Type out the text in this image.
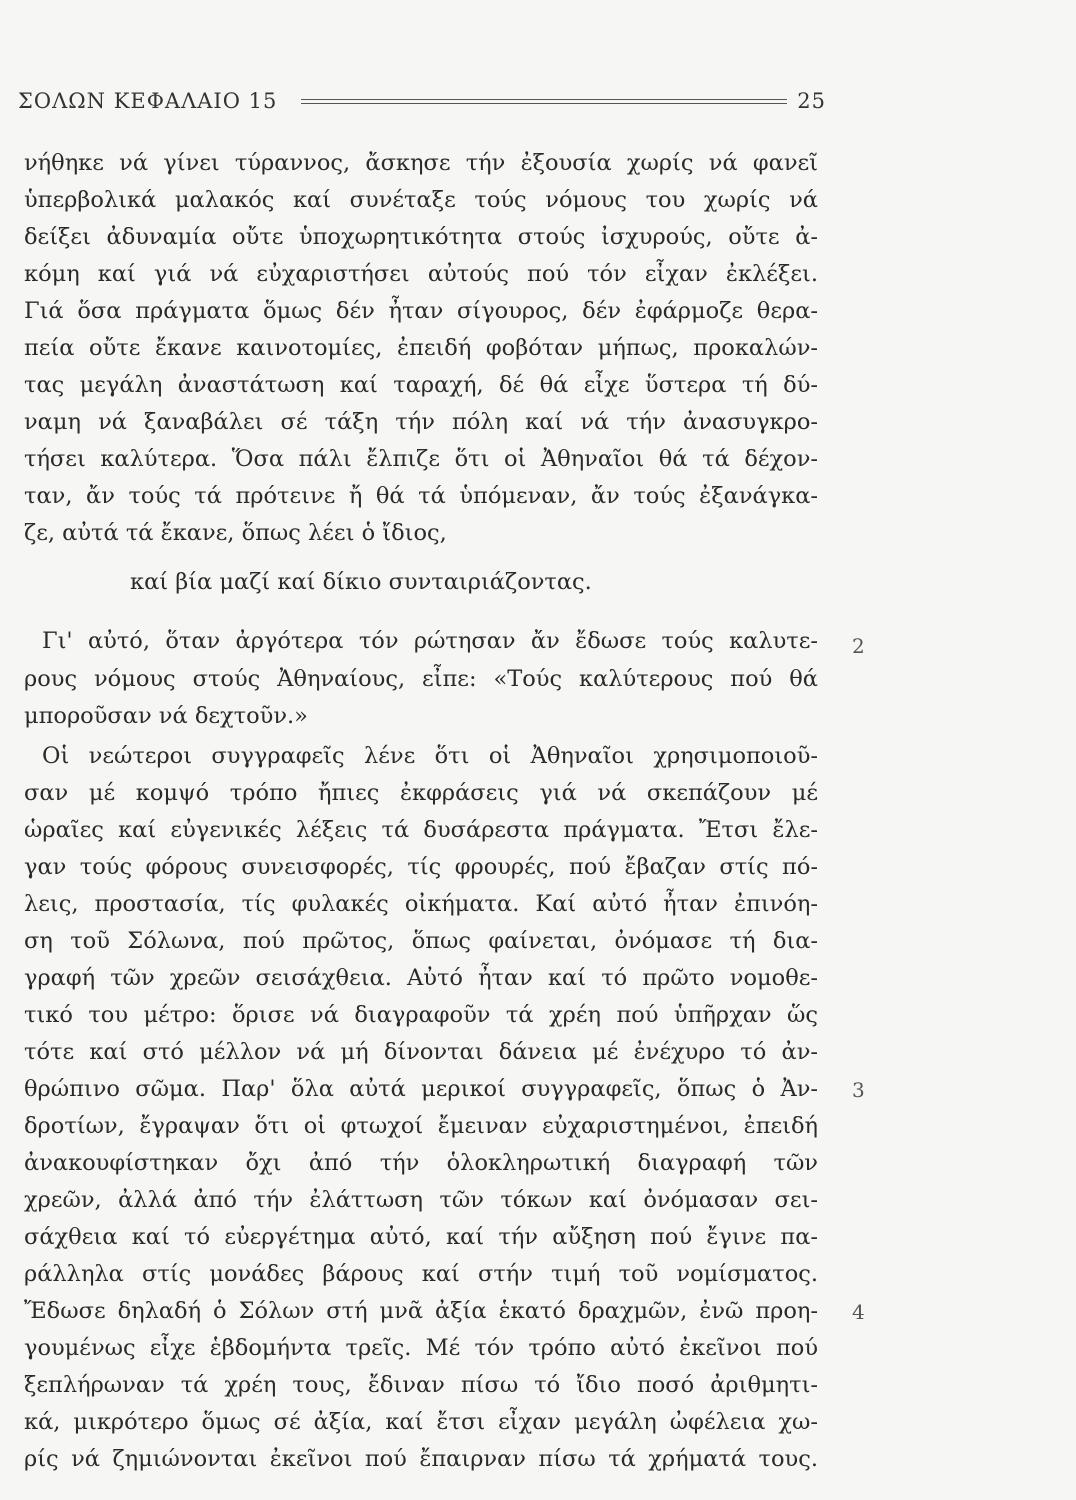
ΣΟΛΩΝ ΚΕΦΑΛΑΙΟ 15	25
νήθηκε νά γίνει τύραννος, ἄσκησε τήν ἐξουσία χωρίς νά φανεῖ
ὑπερβολικά μαλακός καί συνέταξε τούς νόμους του χωρίς νά
δείξει ἀδυναμία οὔτε ὑποχωρητικότητα στούς ἰσχυρούς, οὔτε ἀ-
κόμη καί γιά νά εὐχαριστήσει αὐτούς πού τόν εἶχαν ἐκλέξει.
Γιά ὅσα πράγματα ὅμως δέν ἦταν σίγουρος, δέν ἐφάρμοζε θερα-
πεία οὔτε ἔκανε καινοτομίες, ἐπειδή φοβόταν μήπως, προκαλών-
τας μεγάλη ἀναστάτωση καί ταραχή, δέ θά εἶχε ὕστερα τή δύ-
ναμη νά ξαναβάλει σέ τάξη τήν πόλη καί νά τήν ἀνασυγκρο-
τήσει καλύτερα. Ὅσα πάλι ἔλπιζε ὅτι οἱ Ἀθηναῖοι θά τά δέχον-
ταν, ἄν τούς τά πρότεινε ἤ θά τά ὑπόμεναν, ἄν τούς ἐξανάγκα-
ζε, αὐτά τά ἔκανε, ὅπως λέει ὁ ἴδιος,
καί βία μαζί καί δίκιο συνταιριάζοντας.
Γι' αὐτό, ὅταν ἀργότερα τόν ρώτησαν ἄν ἔδωσε τούς καλυτε-
ρους νόμους στούς Ἀθηναίους, εἶπε: «Τούς καλύτερους πού θά
μποροῦσαν νά δεχτοῦν.»
Οἱ νεώτεροι συγγραφεῖς λένε ὅτι οἱ Ἀθηναῖοι χρησιμοποιοῦ-
σαν μέ κομψό τρόπο ἤπιες ἐκφράσεις γιά νά σκεπάζουν μέ
ὡραῖες καί εὐγενικές λέξεις τά δυσάρεστα πράγματα. Ἔτσι ἔλε-
γαν τούς φόρους συνεισφορές, τίς φρουρές, πού ἔβαζαν στίς πό-
λεις, προστασία, τίς φυλακές οἰκήματα. Καί αὐτό ἦταν ἐπινόη-
ση τοῦ Σόλωνα, πού πρῶτος, ὅπως φαίνεται, ὀνόμασε τή δια-
γραφή τῶν χρεῶν σεισάχθεια. Αὐτό ἦταν καί τό πρῶτο νομοθε-
τικό του μέτρο: ὅρισε νά διαγραφοῦν τά χρέη πού ὑπῆρχαν ὥς
τότε καί στό μέλλον νά μή δίνονται δάνεια μέ ἐνέχυρο τό ἀν-
θρώπινο σῶμα. Παρ' ὅλα αὐτά μερικοί συγγραφεῖς, ὅπως ὁ Ἀν-
δροτίων, ἔγραψαν ὅτι οἱ φτωχοί ἔμειναν εὐχαριστημένοι, ἐπειδή
ἀνακουφίστηκαν ὄχι ἀπό τήν ὁλοκληρωτική διαγραφή τῶν
χρεῶν, ἀλλά ἀπό τήν ἐλάττωση τῶν τόκων καί ὀνόμασαν σει-
σάχθεια καί τό εὐεργέτημα αὐτό, καί τήν αὔξηση πού ἔγινε πα-
ράλληλα στίς μονάδες βάρους καί στήν τιμή τοῦ νομίσματος.
Ἔδωσε δηλαδή ὁ Σόλων στή μνᾶ ἀξία ἑκατό δραχμῶν, ἐνῶ προη-
γουμένως εἶχε ἑβδομήντα τρεῖς. Μέ τόν τρόπο αὐτό ἐκεῖνοι πού
ξεπλήρωναν τά χρέη τους, ἔδιναν πίσω τό ἴδιο ποσό ἀριθμητι-
κά, μικρότερο ὅμως σέ ἀξία, καί ἔτσι εἶχαν μεγάλη ὠφέλεια χω-
ρίς νά ζημιώνονται ἐκεῖνοι πού ἔπαιρναν πίσω τά χρήματά τους.
2
3
4
